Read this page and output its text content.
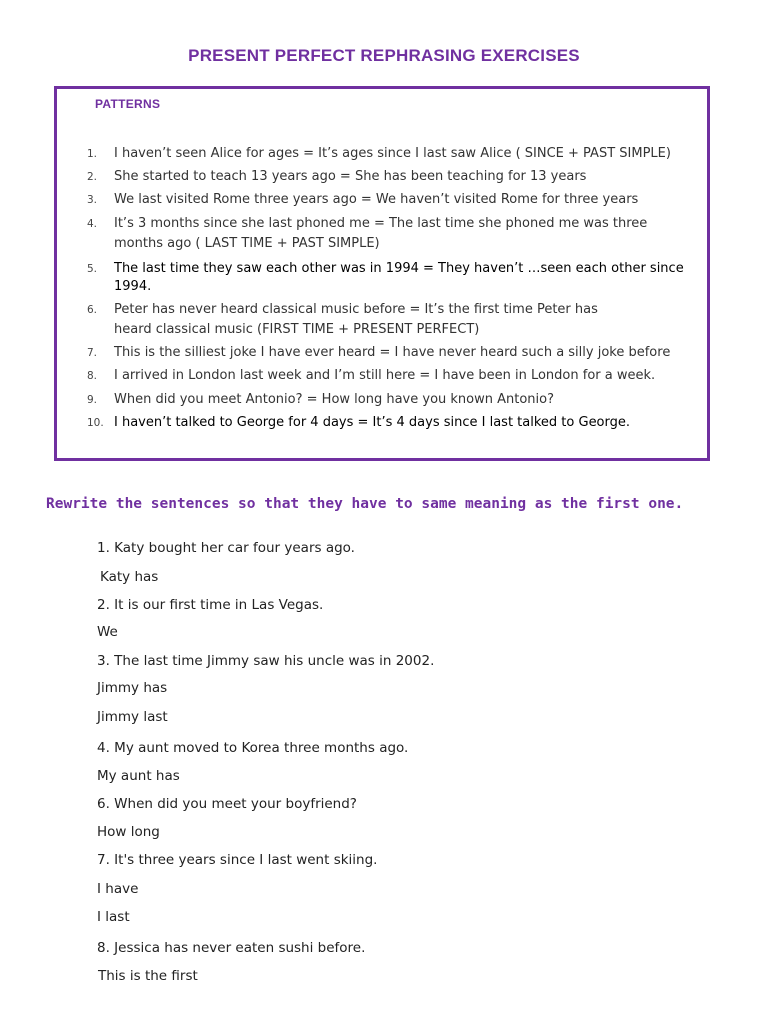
PRESENT PERFECT REPHRASING EXERCISES
PATTERNS
1. I haven’t seen Alice for ages = It’s ages since I last saw Alice ( SINCE + PAST SIMPLE)
2. She started to teach 13 years ago = She has been teaching for 13 years
3. We last visited Rome three years ago = We haven’t visited Rome for three years
4. It’s 3 months since she last phoned me = The last time she phoned me was three
months ago ( LAST TIME + PAST SIMPLE)
5. The last time they saw each other was in 1994 = They haven’t …seen each other since
1994.
6. Peter has never heard classical music before = It’s the first time Peter has
heard classical music (FIRST TIME + PRESENT PERFECT)
7. This is the silliest joke I have ever heard = I have never heard such a silly joke before
8. I arrived in London last week and I’m still here = I have been in London for a week.
9. When did you meet Antonio? = How long have you known Antonio?
10. I haven’t talked to George for 4 days = It’s 4 days since I last talked to George.
Rewrite the sentences so that they have to same meaning as the first one.
1. Katy bought her car four years ago.
Katy has
2. It is our first time in Las Vegas.
We
3. The last time Jimmy saw his uncle was in 2002.
Jimmy has
Jimmy last
4. My aunt moved to Korea three months ago.
My aunt has
6. When did you meet your boyfriend?
How long
7. It's three years since I last went skiing.
I have
I last
8. Jessica has never eaten sushi before.
This is the first
